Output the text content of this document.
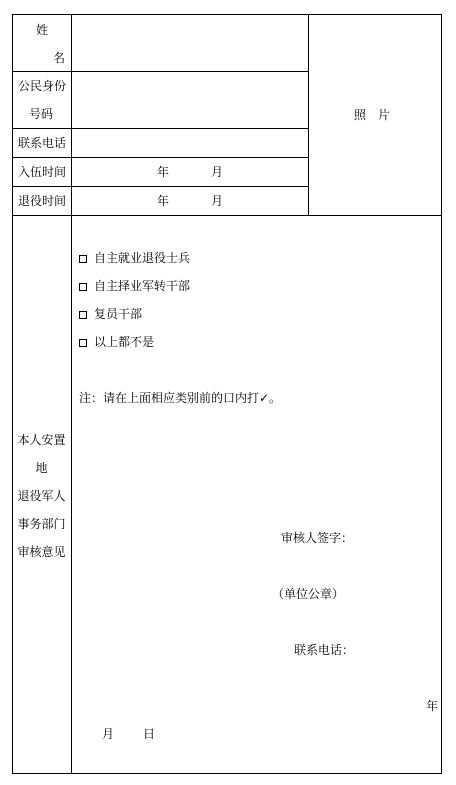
姓
名
公民身份
号码
联系电话
入伍时间
退役时间
年	月
年	月
照　片
本人安置
地
退役军人
事务部门
审核意见
自主就业退役士兵
自主择业军转干部
复员干部
以上都不是
注：请在上面相应类别前的口内打✓。
审核人签字：
（单位公章）
联系电话：
年
月 日
